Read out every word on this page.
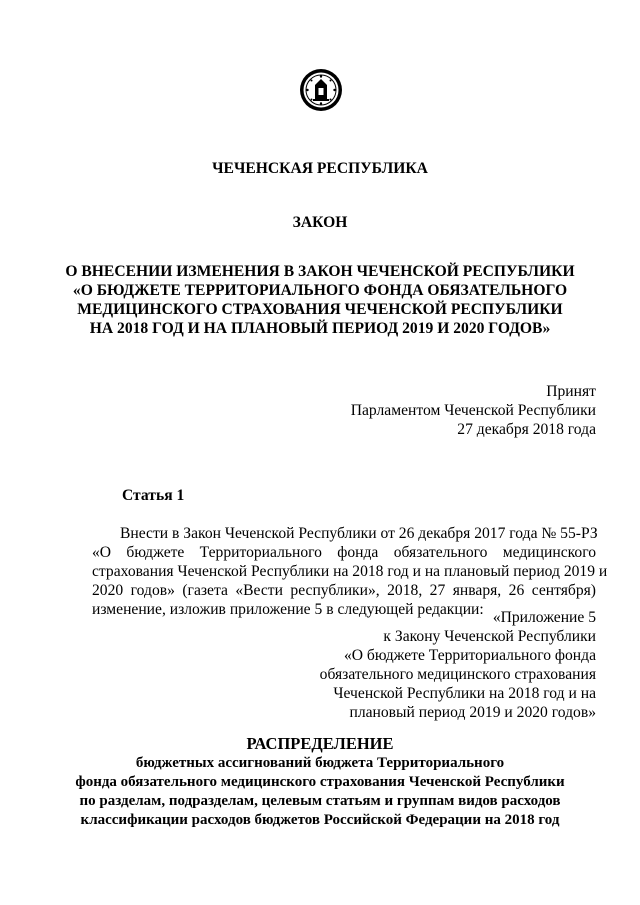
ЧЕЧЕНСКАЯ РЕСПУБЛИКА
ЗАКОН
О ВНЕСЕНИИ ИЗМЕНЕНИЯ В ЗАКОН ЧЕЧЕНСКОЙ РЕСПУБЛИКИ
«О БЮДЖЕТЕ ТЕРРИТОРИАЛЬНОГО ФОНДА ОБЯЗАТЕЛЬНОГО
МЕДИЦИНСКОГО СТРАХОВАНИЯ ЧЕЧЕНСКОЙ РЕСПУБЛИКИ
НА 2018 ГОД И НА ПЛАНОВЫЙ ПЕРИОД 2019 И 2020 ГОДОВ»
Принят
Парламентом Чеченской Республики
27 декабря 2018 года
Статья 1
Внести в Закон Чеченской Республики от 26 декабря 2017 года № 55-РЗ
«О бюджете Территориального фонда обязательного медицинского
страхования Чеченской Республики на 2018 год и на плановый период 2019 и
2020 годов» (газета «Вести республики», 2018, 27 января, 26 сентября)
изменение, изложив приложение 5 в следующей редакции: «Приложение 5
к Закону Чеченской Республики
«О бюджете Территориального фонда
обязательного медицинского страхования
Чеченской Республики на 2018 год и на
плановый период 2019 и 2020 годов»
РАСПРЕДЕЛЕНИЕ
бюджетных ассигнований бюджета Территориального
фонда обязательного медицинского страхования Чеченской Республики
по разделам, подразделам, целевым статьям и группам видов расходов
классификации расходов бюджетов Российской Федерации на 2018 год
